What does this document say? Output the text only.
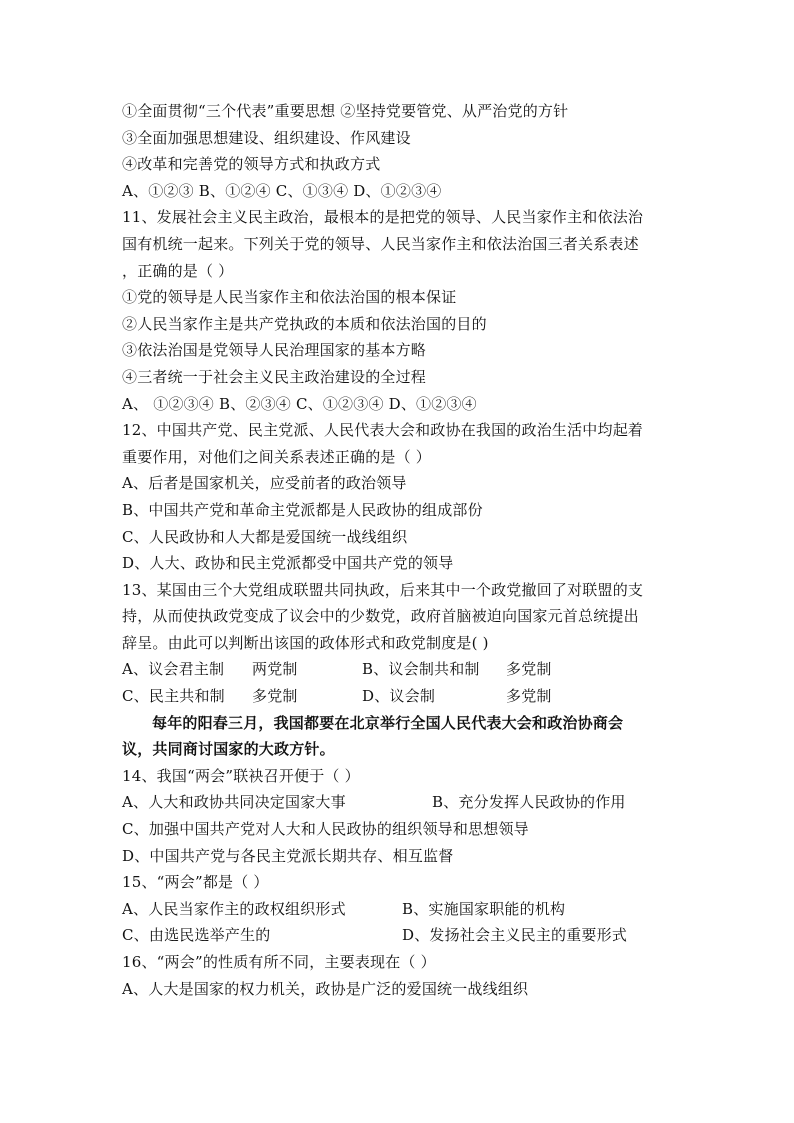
①全面贯彻“三个代表”重要思想 ②坚持党要管党、从严治党的方针
③全面加强思想建设、组织建设、作风建设
④改革和完善党的领导方式和执政方式
A、①②③ B、①②④ C、①③④ D、①②③④
11、发展社会主义民主政治，最根本的是把党的领导、人民当家作主和依法治
国有机统一起来。下列关于党的领导、人民当家作主和依法治国三者关系表述
，正确的是（ ）
①党的领导是人民当家作主和依法治国的根本保证
②人民当家作主是共产党执政的本质和依法治国的目的
③依法治国是党领导人民治理国家的基本方略
④三者统一于社会主义民主政治建设的全过程
A、 ①②③④ B、②③④ C、①②③④ D、①②③④
12、中国共产党、民主党派、人民代表大会和政协在我国的政治生活中均起着
重要作用，对他们之间关系表述正确的是（ ）
A、后者是国家机关，应受前者的政治领导
B、中国共产党和革命主党派都是人民政协的组成部份
C、人民政协和人大都是爱国统一战线组织
D、人大、政协和民主党派都受中国共产党的领导
13、某国由三个大党组成联盟共同执政，后来其中一个政党撤回了对联盟的支
持，从而使执政党变成了议会中的少数党，政府首脑被迫向国家元首总统提出
辞呈。由此可以判断出该国的政体形式和政党制度是( )
A、议会君主制	两党制	B、议会制共和制	多党制
C、民主共和制	多党制	D、议会制	多党制
每年的阳春三月，我国都要在北京举行全国人民代表大会和政治协商会
议，共同商讨国家的大政方针。
14、我国“两会”联袂召开便于（ ）
A、人大和政协共同决定国家大事	B、充分发挥人民政协的作用
C、加强中国共产党对人大和人民政协的组织领导和思想领导
D、中国共产党与各民主党派长期共存、相互监督
15、“两会”都是（ ）
A、人民当家作主的政权组织形式	B、实施国家职能的机构
C、由选民选举产生的	D、发扬社会主义民主的重要形式
16、“两会”的性质有所不同，主要表现在（ ）
A、人大是国家的权力机关，政协是广泛的爱国统一战线组织
